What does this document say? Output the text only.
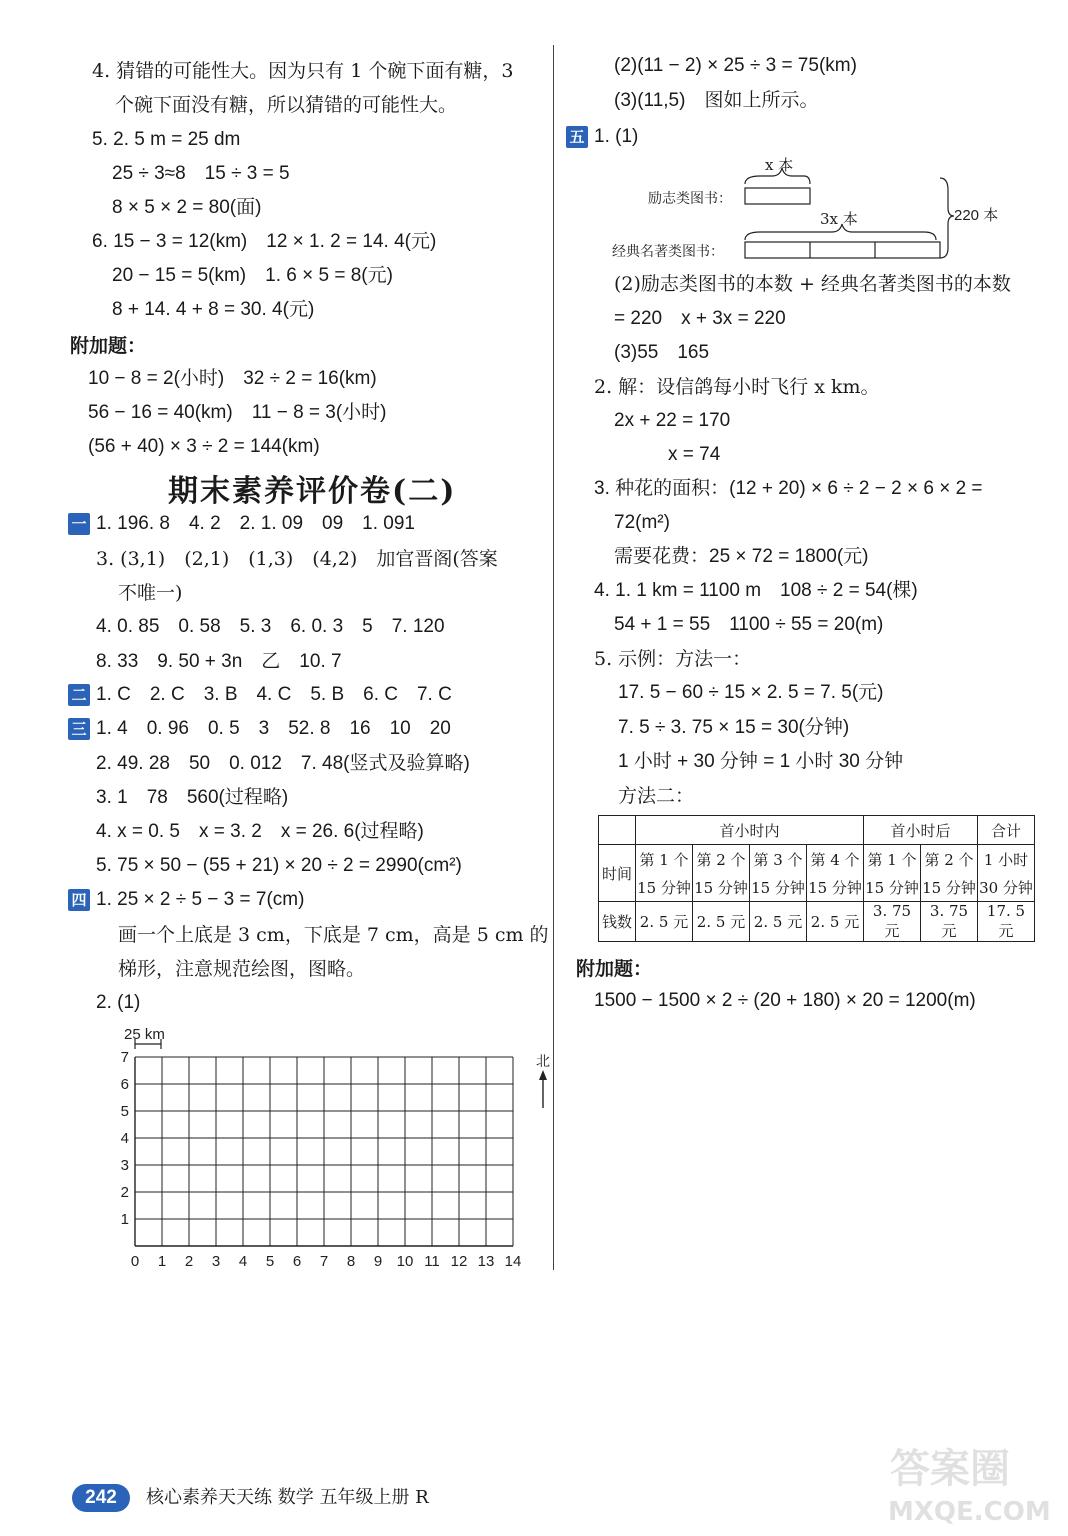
4. 猜错的可能性大。因为只有 1 个碗下面有糖，3
个碗下面没有糖，所以猜错的可能性大。
5. 2. 5 m = 25 dm
25 ÷ 3≈8　15 ÷ 3 = 5
8 × 5 × 2 = 80(面)
6. 15 − 3 = 12(km)　12 × 1. 2 = 14. 4(元)
20 − 15 = 5(km)　1. 6 × 5 = 8(元)
8 + 14. 4 + 8 = 30. 4(元)
附加题：
10 − 8 = 2(小时)　32 ÷ 2 = 16(km)
56 − 16 = 40(km)　11 − 8 = 3(小时)
(56 + 40) × 3 ÷ 2 = 144(km)
期末素养评价卷(二)
一 1. 196. 8　4. 2　2. 1. 09　09　1. 091
3. (3,1)　(2,1)　(1,3)　(4,2)　加官晋阁(答案
不唯一)
4. 0. 85　0. 58　5. 3　6. 0. 3　5　7. 120
8. 33　9. 50 + 3n　乙　10. 7
二 1. C　2. C　3. B　4. C　5. B　6. C　7. C
三 1. 4　0. 96　0. 5　3　52. 8　16　10　20
2. 49. 28　50　0. 012　7. 48(竖式及验算略)
3. 1　78　560(过程略)
4. x = 0. 5　x = 3. 2　x = 26. 6(过程略)
5. 75 × 50 − (55 + 21) × 20 ÷ 2 = 2990(cm²)
四 1. 25 × 2 ÷ 5 − 3 = 7(cm)
画一个上底是 3 cm，下底是 7 cm，高是 5 cm 的
梯形，注意规范绘图，图略。
2. (1)
25 km
0 1 2 3 4 5 6 7 8 9 10 11 12 13 14
1
2
3
4
5
6
7	北
(2)(11 − 2) × 25 ÷ 3 = 75(km)
(3)(11,5)　图如上所示。
五 1. (1)
x 本
励志类图书：
3x 本
经典名著类图书：
220 本
(2)励志类图书的本数 + 经典名著类图书的本数
= 220　x + 3x = 220
(3)55　165
2. 解：设信鸽每小时飞行 x km。
2x + 22 = 170
x = 74
3. 种花的面积：(12 + 20) × 6 ÷ 2 − 2 × 6 × 2 =
72(m²)
需要花费：25 × 72 = 1800(元)
4. 1. 1 km = 1100 m　108 ÷ 2 = 54(棵)
54 + 1 = 55　1100 ÷ 55 = 20(m)
5. 示例：方法一：
17. 5 − 60 ÷ 15 × 2. 5 = 7. 5(元)
7. 5 ÷ 3. 75 × 15 = 30(分钟)
1 小时 + 30 分钟 = 1 小时 30 分钟
方法二：
	首小时内				首小时后		合计
时间	第 1 个	第 2 个	第 3 个	第 4 个	第 1 个	第 2 个	1 小时
	15 分钟	15 分钟	15 分钟	15 分钟	15 分钟	15 分钟	30 分钟
钱数	2. 5 元	2. 5 元	2. 5 元	2. 5 元	3. 75 元	3. 75 元	17. 5 元
附加题：
1500 − 1500 × 2 ÷ (20 + 180) × 20 = 1200(m)
242	核心素养天天练 数学 五年级上册 R
答案圈
MXQE.COM
